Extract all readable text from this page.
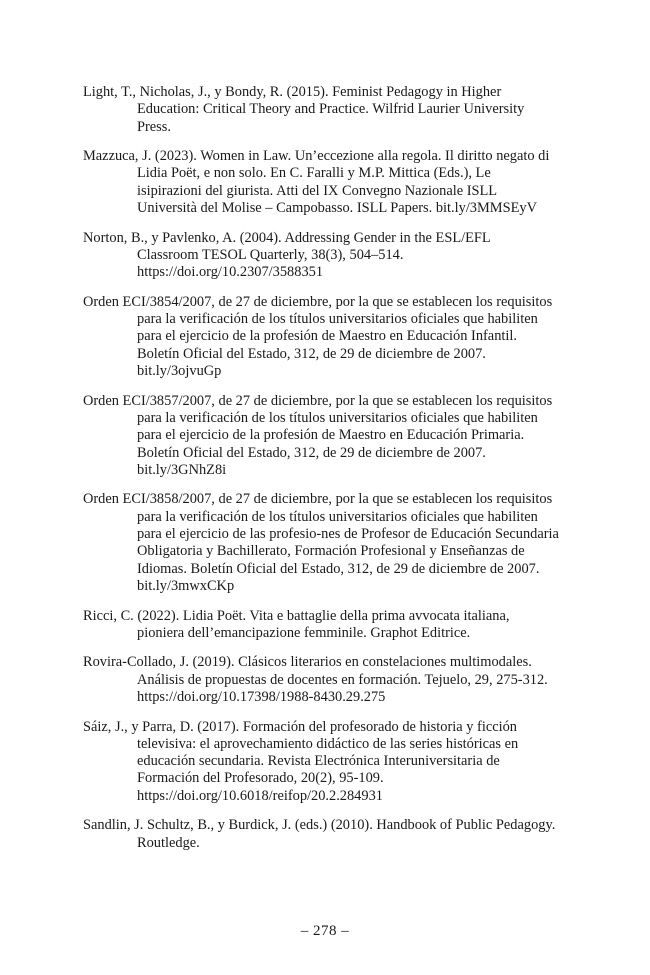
Light, T., Nicholas, J., y Bondy, R. (2015). Feminist Pedagogy in Higher
Education: Critical Theory and Practice. Wilfrid Laurier University
Press.
Mazzuca, J. (2023). Women in Law. Un’eccezione alla regola. Il diritto negato di
Lidia Poët, e non solo. En C. Faralli y M.P. Mittica (Eds.), Le
isipirazioni del giurista. Atti del IX Convegno Nazionale ISLL
Università del Molise – Campobasso. ISLL Papers. bit.ly/3MMSEyV
Norton, B., y Pavlenko, A. (2004). Addressing Gender in the ESL/EFL
Classroom TESOL Quarterly, 38(3), 504–514.
https://doi.org/10.2307/3588351
Orden ECI/3854/2007, de 27 de diciembre, por la que se establecen los requisitos
para la verificación de los títulos universitarios oficiales que habiliten
para el ejercicio de la profesión de Maestro en Educación Infantil.
Boletín Oficial del Estado, 312, de 29 de diciembre de 2007.
bit.ly/3ojvuGp
Orden ECI/3857/2007, de 27 de diciembre, por la que se establecen los requisitos
para la verificación de los títulos universitarios oficiales que habiliten
para el ejercicio de la profesión de Maestro en Educación Primaria.
Boletín Oficial del Estado, 312, de 29 de diciembre de 2007.
bit.ly/3GNhZ8i
Orden ECI/3858/2007, de 27 de diciembre, por la que se establecen los requisitos
para la verificación de los títulos universitarios oficiales que habiliten
para el ejercicio de las profesio-nes de Profesor de Educación Secundaria
Obligatoria y Bachillerato, Formación Profesional y Enseñanzas de
Idiomas. Boletín Oficial del Estado, 312, de 29 de diciembre de 2007.
bit.ly/3mwxCKp
Ricci, C. (2022). Lidia Poët. Vita e battaglie della prima avvocata italiana,
pioniera dell’emancipazione femminile. Graphot Editrice.
Rovira-Collado, J. (2019). Clásicos literarios en constelaciones multimodales.
Análisis de propuestas de docentes en formación. Tejuelo, 29, 275-312.
https://doi.org/10.17398/1988-8430.29.275
Sáiz, J., y Parra, D. (2017). Formación del profesorado de historia y ficción
televisiva: el aprovechamiento didáctico de las series históricas en
educación secundaria. Revista Electrónica Interuniversitaria de
Formación del Profesorado, 20(2), 95-109.
https://doi.org/10.6018/reifop/20.2.284931
Sandlin, J. Schultz, B., y Burdick, J. (eds.) (2010). Handbook of Public Pedagogy.
Routledge.
– 278 –
